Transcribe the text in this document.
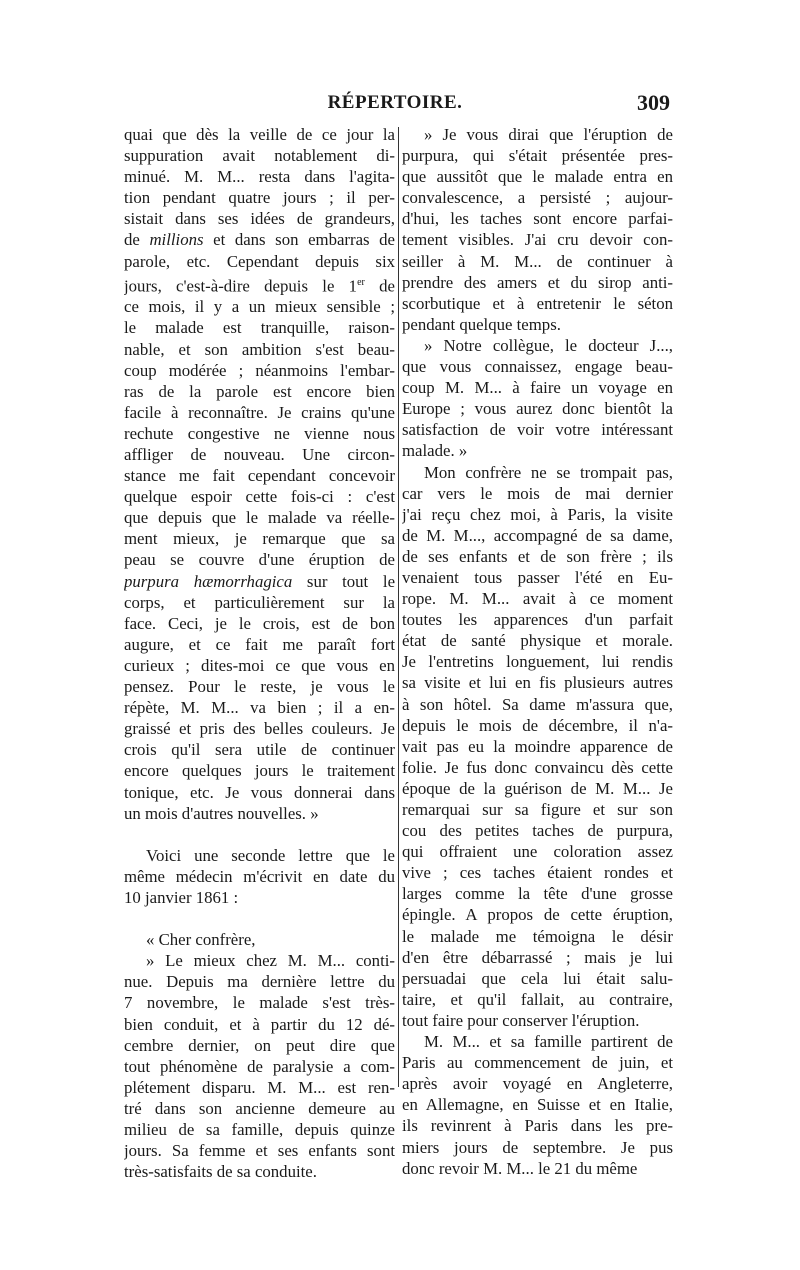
RÉPERTOIRE.	309
quai que dès la veille de ce jour la
suppuration avait notablement di-
minué. M. M... resta dans l'agita-
tion pendant quatre jours ; il per-
sistait dans ses idées de grandeurs,
de millions et dans son embarras de
parole, etc. Cependant depuis six
jours, c'est-à-dire depuis le 1er de
ce mois, il y a un mieux sensible ;
le malade est tranquille, raison-
nable, et son ambition s'est beau-
coup modérée ; néanmoins l'embar-
ras de la parole est encore bien
facile à reconnaître. Je crains qu'une
rechute congestive ne vienne nous
affliger de nouveau. Une circon-
stance me fait cependant concevoir
quelque espoir cette fois-ci : c'est
que depuis que le malade va réelle-
ment mieux, je remarque que sa
peau se couvre d'une éruption de
purpura hæmorrhagica sur tout le
corps, et particulièrement sur la
face. Ceci, je le crois, est de bon
augure, et ce fait me paraît fort
curieux ; dites-moi ce que vous en
pensez. Pour le reste, je vous le
répète, M. M... va bien ; il a en-
graissé et pris des belles couleurs. Je
crois qu'il sera utile de continuer
encore quelques jours le traitement
tonique, etc. Je vous donnerai dans
un mois d'autres nouvelles. »
Voici une seconde lettre que le
même médecin m'écrivit en date du
10 janvier 1861 :
« Cher confrère,
» Le mieux chez M. M... conti-
nue. Depuis ma dernière lettre du
7 novembre, le malade s'est très-
bien conduit, et à partir du 12 dé-
cembre dernier, on peut dire que
tout phénomène de paralysie a com-
plétement disparu. M. M... est ren-
tré dans son ancienne demeure au
milieu de sa famille, depuis quinze
jours. Sa femme et ses enfants sont
très-satisfaits de sa conduite.
» Je vous dirai que l'éruption de
purpura, qui s'était présentée pres-
que aussitôt que le malade entra en
convalescence, a persisté ; aujour-
d'hui, les taches sont encore parfai-
tement visibles. J'ai cru devoir con-
seiller à M. M... de continuer à
prendre des amers et du sirop anti-
scorbutique et à entretenir le séton
pendant quelque temps.
» Notre collègue, le docteur J...,
que vous connaissez, engage beau-
coup M. M... à faire un voyage en
Europe ; vous aurez donc bientôt la
satisfaction de voir votre intéressant
malade. »
Mon confrère ne se trompait pas,
car vers le mois de mai dernier
j'ai reçu chez moi, à Paris, la visite
de M. M..., accompagné de sa dame,
de ses enfants et de son frère ; ils
venaient tous passer l'été en Eu-
rope. M. M... avait à ce moment
toutes les apparences d'un parfait
état de santé physique et morale.
Je l'entretins longuement, lui rendis
sa visite et lui en fis plusieurs autres
à son hôtel. Sa dame m'assura que,
depuis le mois de décembre, il n'a-
vait pas eu la moindre apparence de
folie. Je fus donc convaincu dès cette
époque de la guérison de M. M... Je
remarquai sur sa figure et sur son
cou des petites taches de purpura,
qui offraient une coloration assez
vive ; ces taches étaient rondes et
larges comme la tête d'une grosse
épingle. A propos de cette éruption,
le malade me témoigna le désir
d'en être débarrassé ; mais je lui
persuadai que cela lui était salu-
taire, et qu'il fallait, au contraire,
tout faire pour conserver l'éruption.
M. M... et sa famille partirent de
Paris au commencement de juin, et
après avoir voyagé en Angleterre,
en Allemagne, en Suisse et en Italie,
ils revinrent à Paris dans les pre-
miers jours de septembre. Je pus
donc revoir M. M... le 21 du même
